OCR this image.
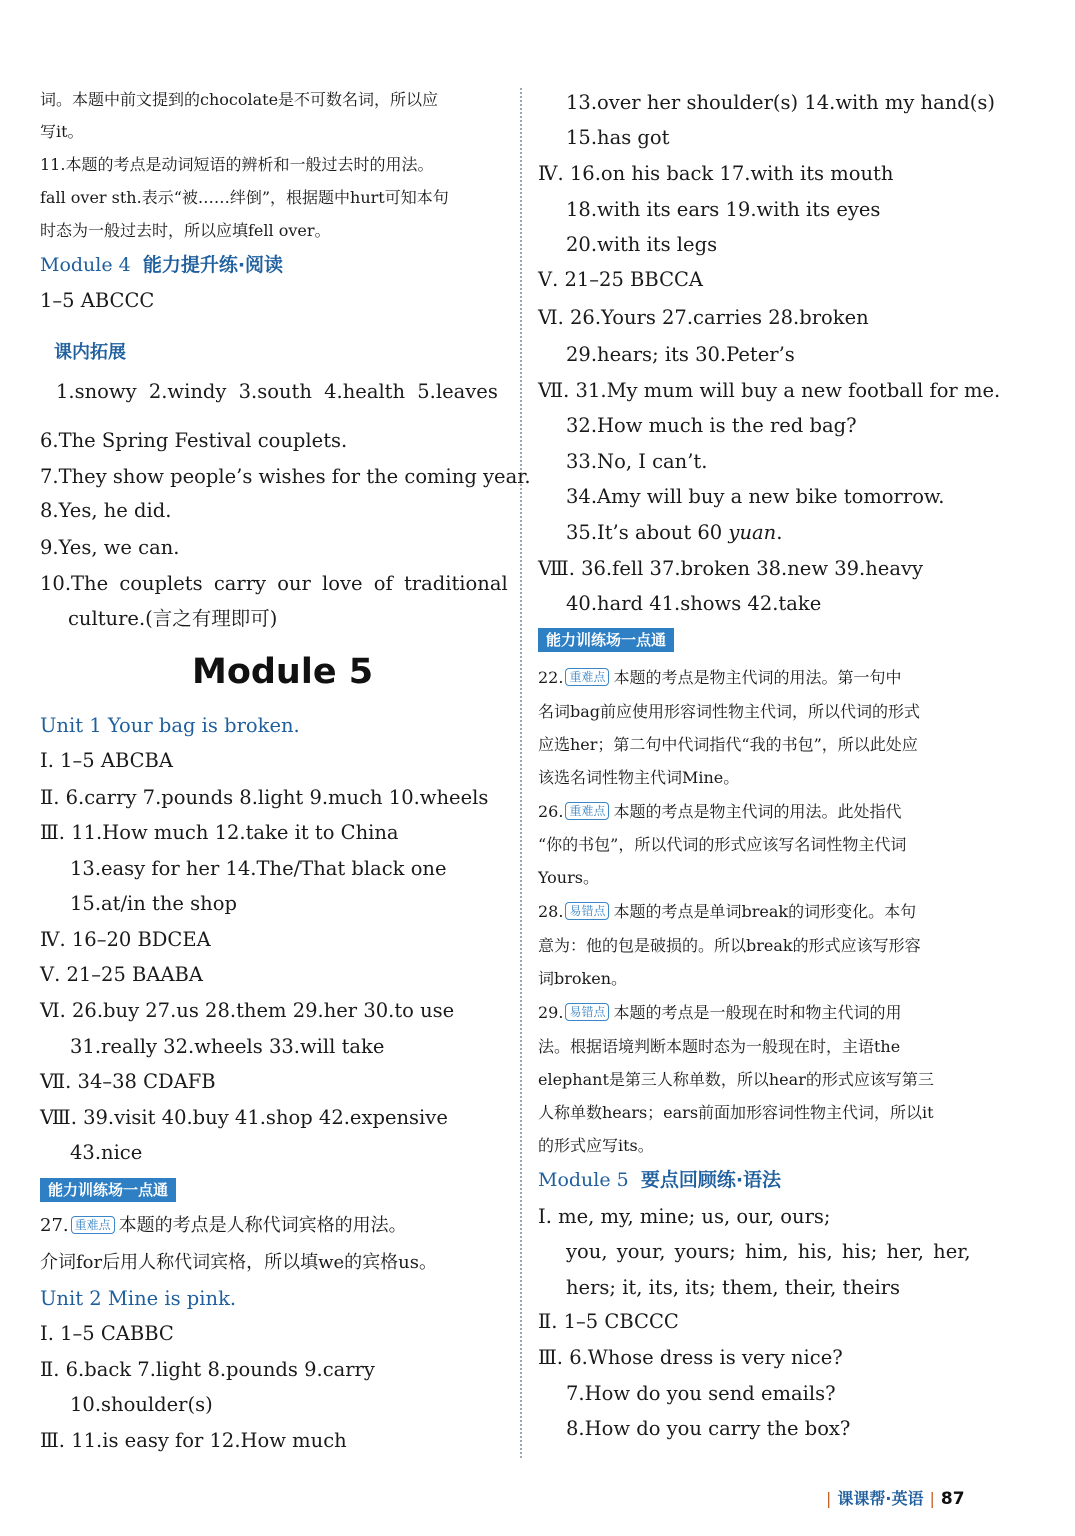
词。本题中前文提到的chocolate是不可数名词，所以应
写it。
11.本题的考点是动词短语的辨析和一般过去时的用法。
fall over sth.表示“被……绊倒”，根据题中hurt可知本句
时态为一般过去时，所以应填fell over。
Module 4 能力提升练·阅读
1–5 ABCCC
课内拓展
1.snowy 2.windy 3.south 4.health 5.leaves
6.The Spring Festival couplets.
7.They show people’s wishes for the coming year.
8.Yes, he did.
9.Yes, we can.
10.The couplets carry our love of traditional
culture.(言之有理即可)
Module 5
Unit 1 Your bag is broken.
Ⅰ. 1–5 ABCBA
Ⅱ. 6.carry 7.pounds 8.light 9.much 10.wheels
Ⅲ. 11.How much 12.take it to China
13.easy for her 14.The/That black one
15.at/in the shop
Ⅳ. 16–20 BDCEA
Ⅴ. 21–25 BAABA
Ⅵ. 26.buy 27.us 28.them 29.her 30.to use
31.really 32.wheels 33.will take
Ⅶ. 34–38 CDAFB
Ⅷ. 39.visit 40.buy 41.shop 42.expensive
43.nice
能力训练场一点通
27. 重难点 本题的考点是人称代词宾格的用法。
介词for后用人称代词宾格，所以填we的宾格us。
Unit 2 Mine is pink.
Ⅰ. 1–5 CABBC
Ⅱ. 6.back 7.light 8.pounds 9.carry
10.shoulder(s)
Ⅲ. 11.is easy for 12.How much
13.over her shoulder(s) 14.with my hand(s)
15.has got
Ⅳ. 16.on his back 17.with its mouth
18.with its ears 19.with its eyes
20.with its legs
Ⅴ. 21–25 BBCCA
Ⅵ. 26.Yours 27.carries 28.broken
29.hears; its 30.Peter’s
Ⅶ. 31.My mum will buy a new football for me.
32.How much is the red bag?
33.No, I can’t.
34.Amy will buy a new bike tomorrow.
35.It’s about 60 yuan.
Ⅷ. 36.fell 37.broken 38.new 39.heavy
40.hard 41.shows 42.take
能力训练场一点通
22. 重难点 本题的考点是物主代词的用法。第一句中
名词bag前应使用形容词性物主代词，所以代词的形式
应选her；第二句中代词指代“我的书包”，所以此处应
该选名词性物主代词Mine。
26. 重难点 本题的考点是物主代词的用法。此处指代
“你的书包”，所以代词的形式应该写名词性物主代词
Yours。
28. 易错点 本题的考点是单词break的词形变化。本句
意为：他的包是破损的。所以break的形式应该写形容
词broken。
29. 易错点 本题的考点是一般现在时和物主代词的用
法。根据语境判断本题时态为一般现在时，主语the
elephant是第三人称单数，所以hear的形式应该写第三
人称单数hears；ears前面加形容词性物主代词，所以it
的形式应写its。
Module 5 要点回顾练·语法
Ⅰ. me, my, mine; us, our, ours;
you, your, yours; him, his, his; her, her,
hers; it, its, its; them, their, theirs
Ⅱ. 1–5 CBCCC
Ⅲ. 6.Whose dress is very nice?
7.How do you send emails?
8.How do you carry the box?
| 课课帮·英语 | 87
